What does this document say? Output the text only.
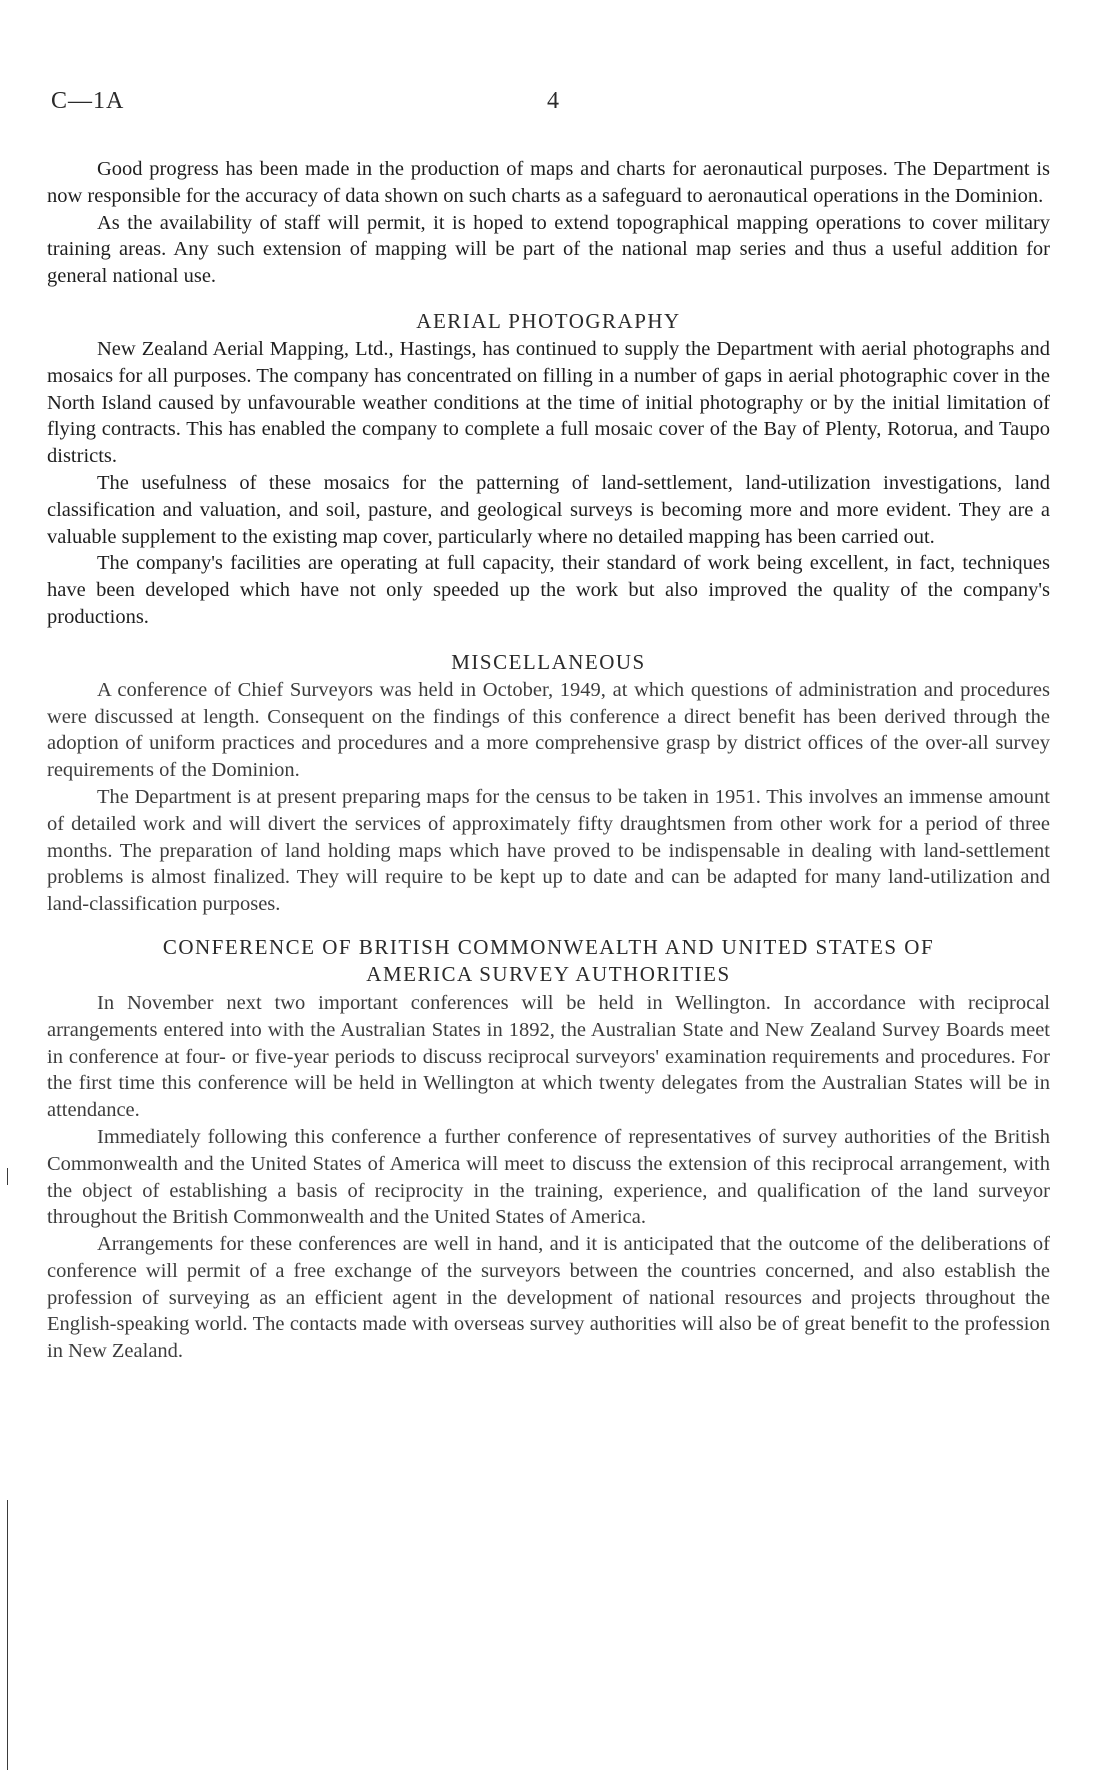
C—1A	4

Good progress has been made in the production of maps and charts for aeronautical purposes. The Department is now responsible for the accuracy of data shown on such charts as a safeguard to aeronautical operations in the Dominion.

As the availability of staff will permit, it is hoped to extend topographical mapping operations to cover military training areas. Any such extension of mapping will be part of the national map series and thus a useful addition for general national use.

AERIAL PHOTOGRAPHY

New Zealand Aerial Mapping, Ltd., Hastings, has continued to supply the Department with aerial photographs and mosaics for all purposes. The company has concentrated on filling in a number of gaps in aerial photographic cover in the North Island caused by unfavourable weather conditions at the time of initial photography or by the initial limitation of flying contracts. This has enabled the company to complete a full mosaic cover of the Bay of Plenty, Rotorua, and Taupo districts.

The usefulness of these mosaics for the patterning of land-settlement, land-utilization investigations, land classification and valuation, and soil, pasture, and geological surveys is becoming more and more evident. They are a valuable supplement to the existing map cover, particularly where no detailed mapping has been carried out.

The company's facilities are operating at full capacity, their standard of work being excellent, in fact, techniques have been developed which have not only speeded up the work but also improved the quality of the company's productions.

MISCELLANEOUS

A conference of Chief Surveyors was held in October, 1949, at which questions of administration and procedures were discussed at length. Consequent on the findings of this conference a direct benefit has been derived through the adoption of uniform practices and procedures and a more comprehensive grasp by district offices of the over-all survey requirements of the Dominion.

The Department is at present preparing maps for the census to be taken in 1951. This involves an immense amount of detailed work and will divert the services of approximately fifty draughtsmen from other work for a period of three months. The preparation of land holding maps which have proved to be indispensable in dealing with land-settlement problems is almost finalized. They will require to be kept up to date and can be adapted for many land-utilization and land-classification purposes.

CONFERENCE OF BRITISH COMMONWEALTH AND UNITED STATES OF
AMERICA SURVEY AUTHORITIES

In November next two important conferences will be held in Wellington. In accordance with reciprocal arrangements entered into with the Australian States in 1892, the Australian State and New Zealand Survey Boards meet in conference at four- or five-year periods to discuss reciprocal surveyors' examination requirements and procedures. For the first time this conference will be held in Wellington at which twenty delegates from the Australian States will be in attendance.

Immediately following this conference a further conference of representatives of survey authorities of the British Commonwealth and the United States of America will meet to discuss the extension of this reciprocal arrangement, with the object of establishing a basis of reciprocity in the training, experience, and qualification of the land surveyor throughout the British Commonwealth and the United States of America.

Arrangements for these conferences are well in hand, and it is anticipated that the outcome of the deliberations of conference will permit of a free exchange of the surveyors between the countries concerned, and also establish the profession of surveying as an efficient agent in the development of national resources and projects throughout the English-speaking world. The contacts made with overseas survey authorities will also be of great benefit to the profession in New Zealand.
